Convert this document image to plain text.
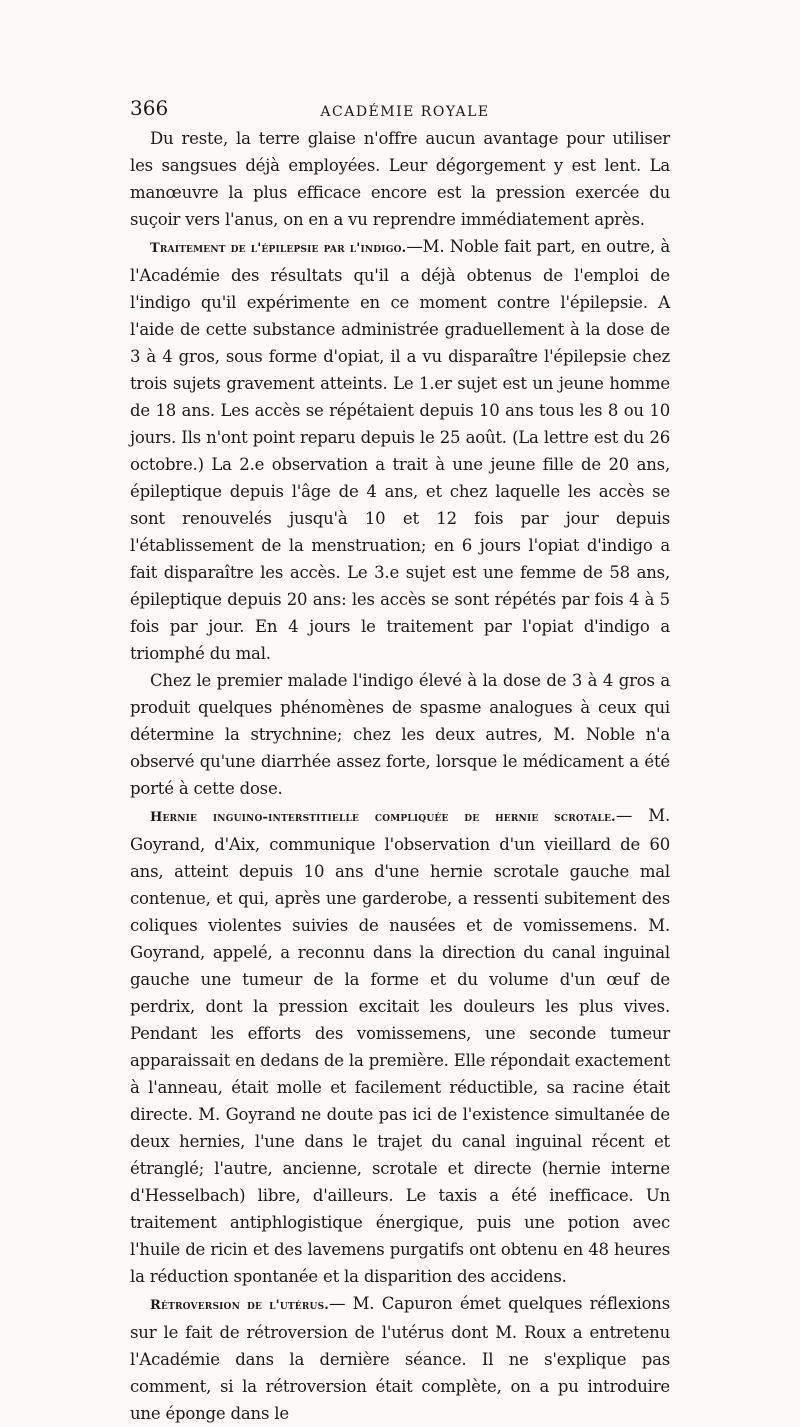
366	ACADÉMIE ROYALE

Du reste, la terre glaise n'offre aucun avantage pour utiliser les sangsues déjà employées. Leur dégorgement y est lent. La manœuvre la plus efficace encore est la pression exercée du suçoir vers l'anus, on en a vu reprendre immédiatement après.

Traitement de l'épilepsie par l'indigo.—M. Noble fait part, en outre, à l'Académie des résultats qu'il a déjà obtenus de l'emploi de l'indigo qu'il expérimente en ce moment contre l'épilepsie. A l'aide de cette substance administrée graduellement à la dose de 3 à 4 gros, sous forme d'opiat, il a vu disparaître l'épilepsie chez trois sujets gravement atteints. Le 1.er sujet est un jeune homme de 18 ans. Les accès se répétaient depuis 10 ans tous les 8 ou 10 jours. Ils n'ont point reparu depuis le 25 août. (La lettre est du 26 octobre.) La 2.e observation a trait à une jeune fille de 20 ans, épileptique depuis l'âge de 4 ans, et chez laquelle les accès se sont renouvelés jusqu'à 10 et 12 fois par jour depuis l'établissement de la menstruation; en 6 jours l'opiat d'indigo a fait disparaître les accès. Le 3.e sujet est une femme de 58 ans, épileptique depuis 20 ans: les accès se sont répétés par fois 4 à 5 fois par jour. En 4 jours le traitement par l'opiat d'indigo a triomphé du mal.

Chez le premier malade l'indigo élevé à la dose de 3 à 4 gros a produit quelques phénomènes de spasme analogues à ceux qui détermine la strychnine; chez les deux autres, M. Noble n'a observé qu'une diarrhée assez forte, lorsque le médicament a été porté à cette dose.

Hernie inguino-interstitielle compliquée de hernie scrotale.— M. Goyrand, d'Aix, communique l'observation d'un vieillard de 60 ans, atteint depuis 10 ans d'une hernie scrotale gauche mal contenue, et qui, après une garderobe, a ressenti subitement des coliques violentes suivies de nausées et de vomissemens. M. Goyrand, appelé, a reconnu dans la direction du canal inguinal gauche une tumeur de la forme et du volume d'un œuf de perdrix, dont la pression excitait les douleurs les plus vives. Pendant les efforts des vomissemens, une seconde tumeur apparaissait en dedans de la première. Elle répondait exactement à l'anneau, était molle et facilement réductible, sa racine était directe. M. Goyrand ne doute pas ici de l'existence simultanée de deux hernies, l'une dans le trajet du canal inguinal récent et étranglé; l'autre, ancienne, scrotale et directe (hernie interne d'Hesselbach) libre, d'ailleurs. Le taxis a été inefficace. Un traitement antiphlogistique énergique, puis une potion avec l'huile de ricin et des lavemens purgatifs ont obtenu en 48 heures la réduction spontanée et la disparition des accidens.

Rétroversion de l'utérus.— M. Capuron émet quelques réflexions sur le fait de rétroversion de l'utérus dont M. Roux a entretenu l'Académie dans la dernière séance. Il ne s'explique pas comment, si la rétroversion était complète, on a pu introduire une éponge dans le
